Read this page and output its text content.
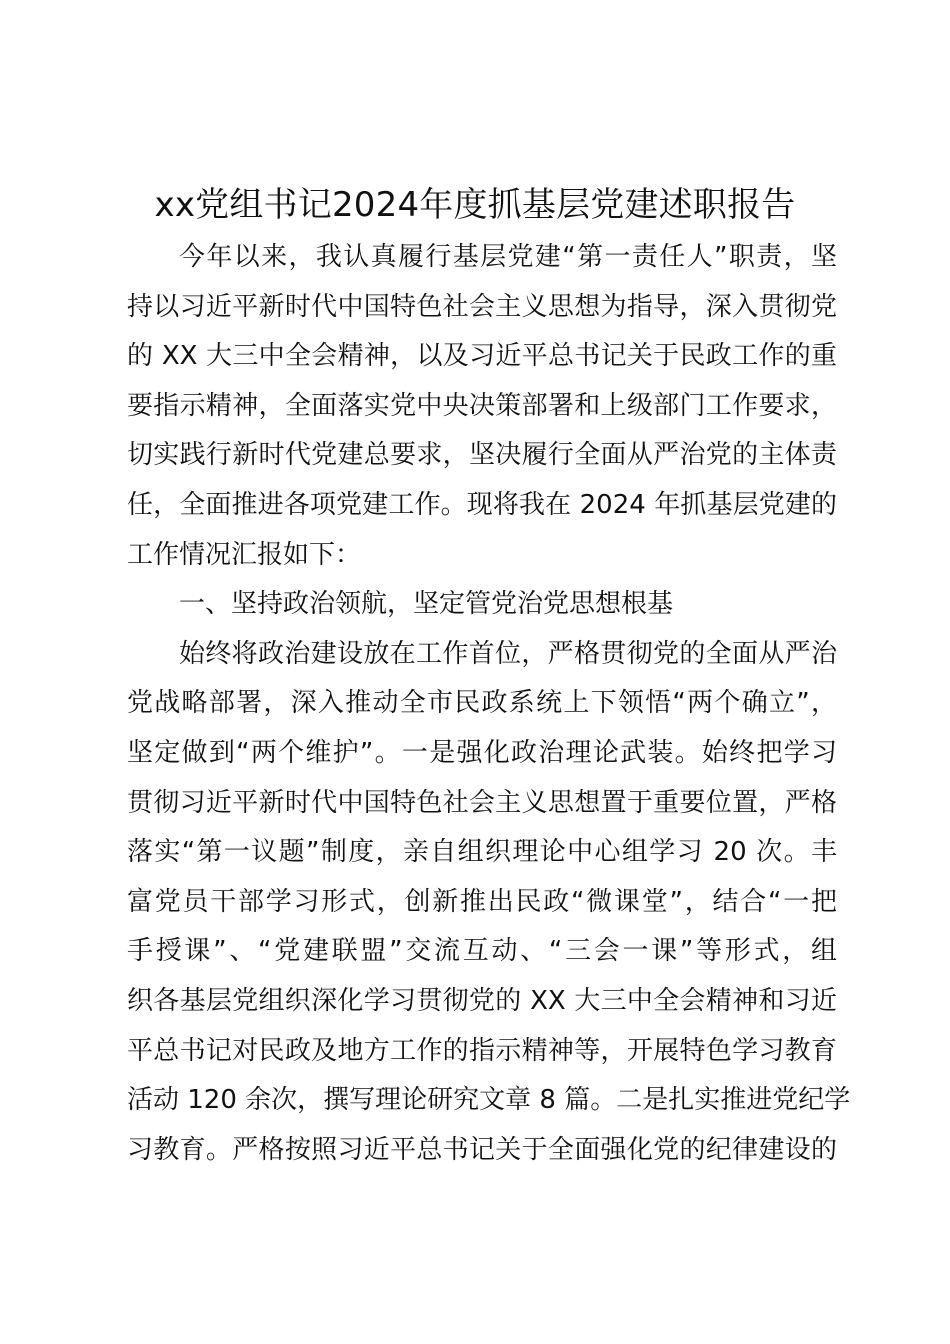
xx党组书记2024年度抓基层党建述职报告
今年以来，我认真履行基层党建“第一责任人”职责，坚
持以习近平新时代中国特色社会主义思想为指导，深入贯彻党
的 XX 大三中全会精神，以及习近平总书记关于民政工作的重
要指示精神，全面落实党中央决策部署和上级部门工作要求，
切实践行新时代党建总要求，坚决履行全面从严治党的主体责
任，全面推进各项党建工作。现将我在 2024 年抓基层党建的
工作情况汇报如下：
一、坚持政治领航，坚定管党治党思想根基
始终将政治建设放在工作首位，严格贯彻党的全面从严治
党战略部署，深入推动全市民政系统上下领悟“两个确立”，
坚定做到“两个维护”。一是强化政治理论武装。始终把学习
贯彻习近平新时代中国特色社会主义思想置于重要位置，严格
落实“第一议题”制度，亲自组织理论中心组学习 20 次。丰
富党员干部学习形式，创新推出民政“微课堂”，结合“一把
手授课”、“党建联盟”交流互动、“三会一课”等形式，组
织各基层党组织深化学习贯彻党的 XX 大三中全会精神和习近
平总书记对民政及地方工作的指示精神等，开展特色学习教育
活动 120 余次，撰写理论研究文章 8 篇。二是扎实推进党纪学
习教育。严格按照习近平总书记关于全面强化党的纪律建设的
